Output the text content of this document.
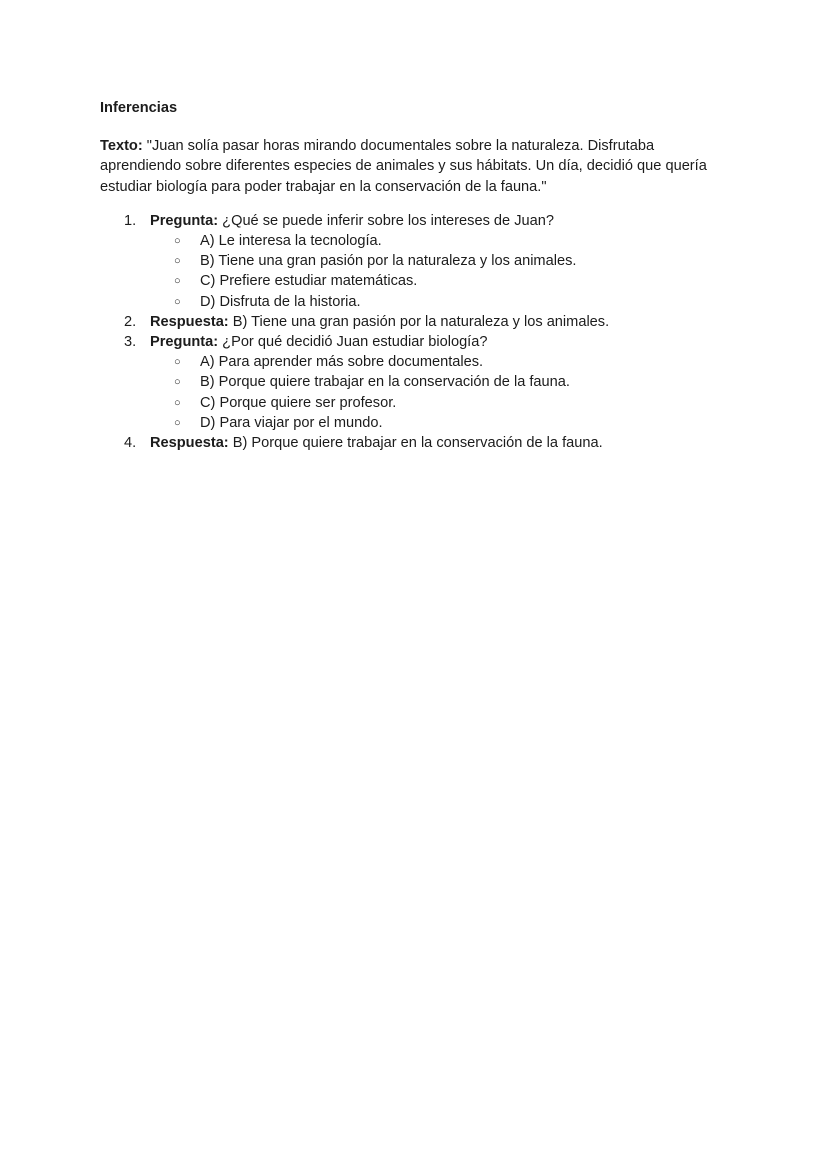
Inferencias
Texto: "Juan solía pasar horas mirando documentales sobre la naturaleza. Disfrutaba aprendiendo sobre diferentes especies de animales y sus hábitats. Un día, decidió que quería estudiar biología para poder trabajar en la conservación de la fauna."
1. Pregunta: ¿Qué se puede inferir sobre los intereses de Juan?
○ A) Le interesa la tecnología.
○ B) Tiene una gran pasión por la naturaleza y los animales.
○ C) Prefiere estudiar matemáticas.
○ D) Disfruta de la historia.
2. Respuesta: B) Tiene una gran pasión por la naturaleza y los animales.
3. Pregunta: ¿Por qué decidió Juan estudiar biología?
○ A) Para aprender más sobre documentales.
○ B) Porque quiere trabajar en la conservación de la fauna.
○ C) Porque quiere ser profesor.
○ D) Para viajar por el mundo.
4. Respuesta: B) Porque quiere trabajar en la conservación de la fauna.
